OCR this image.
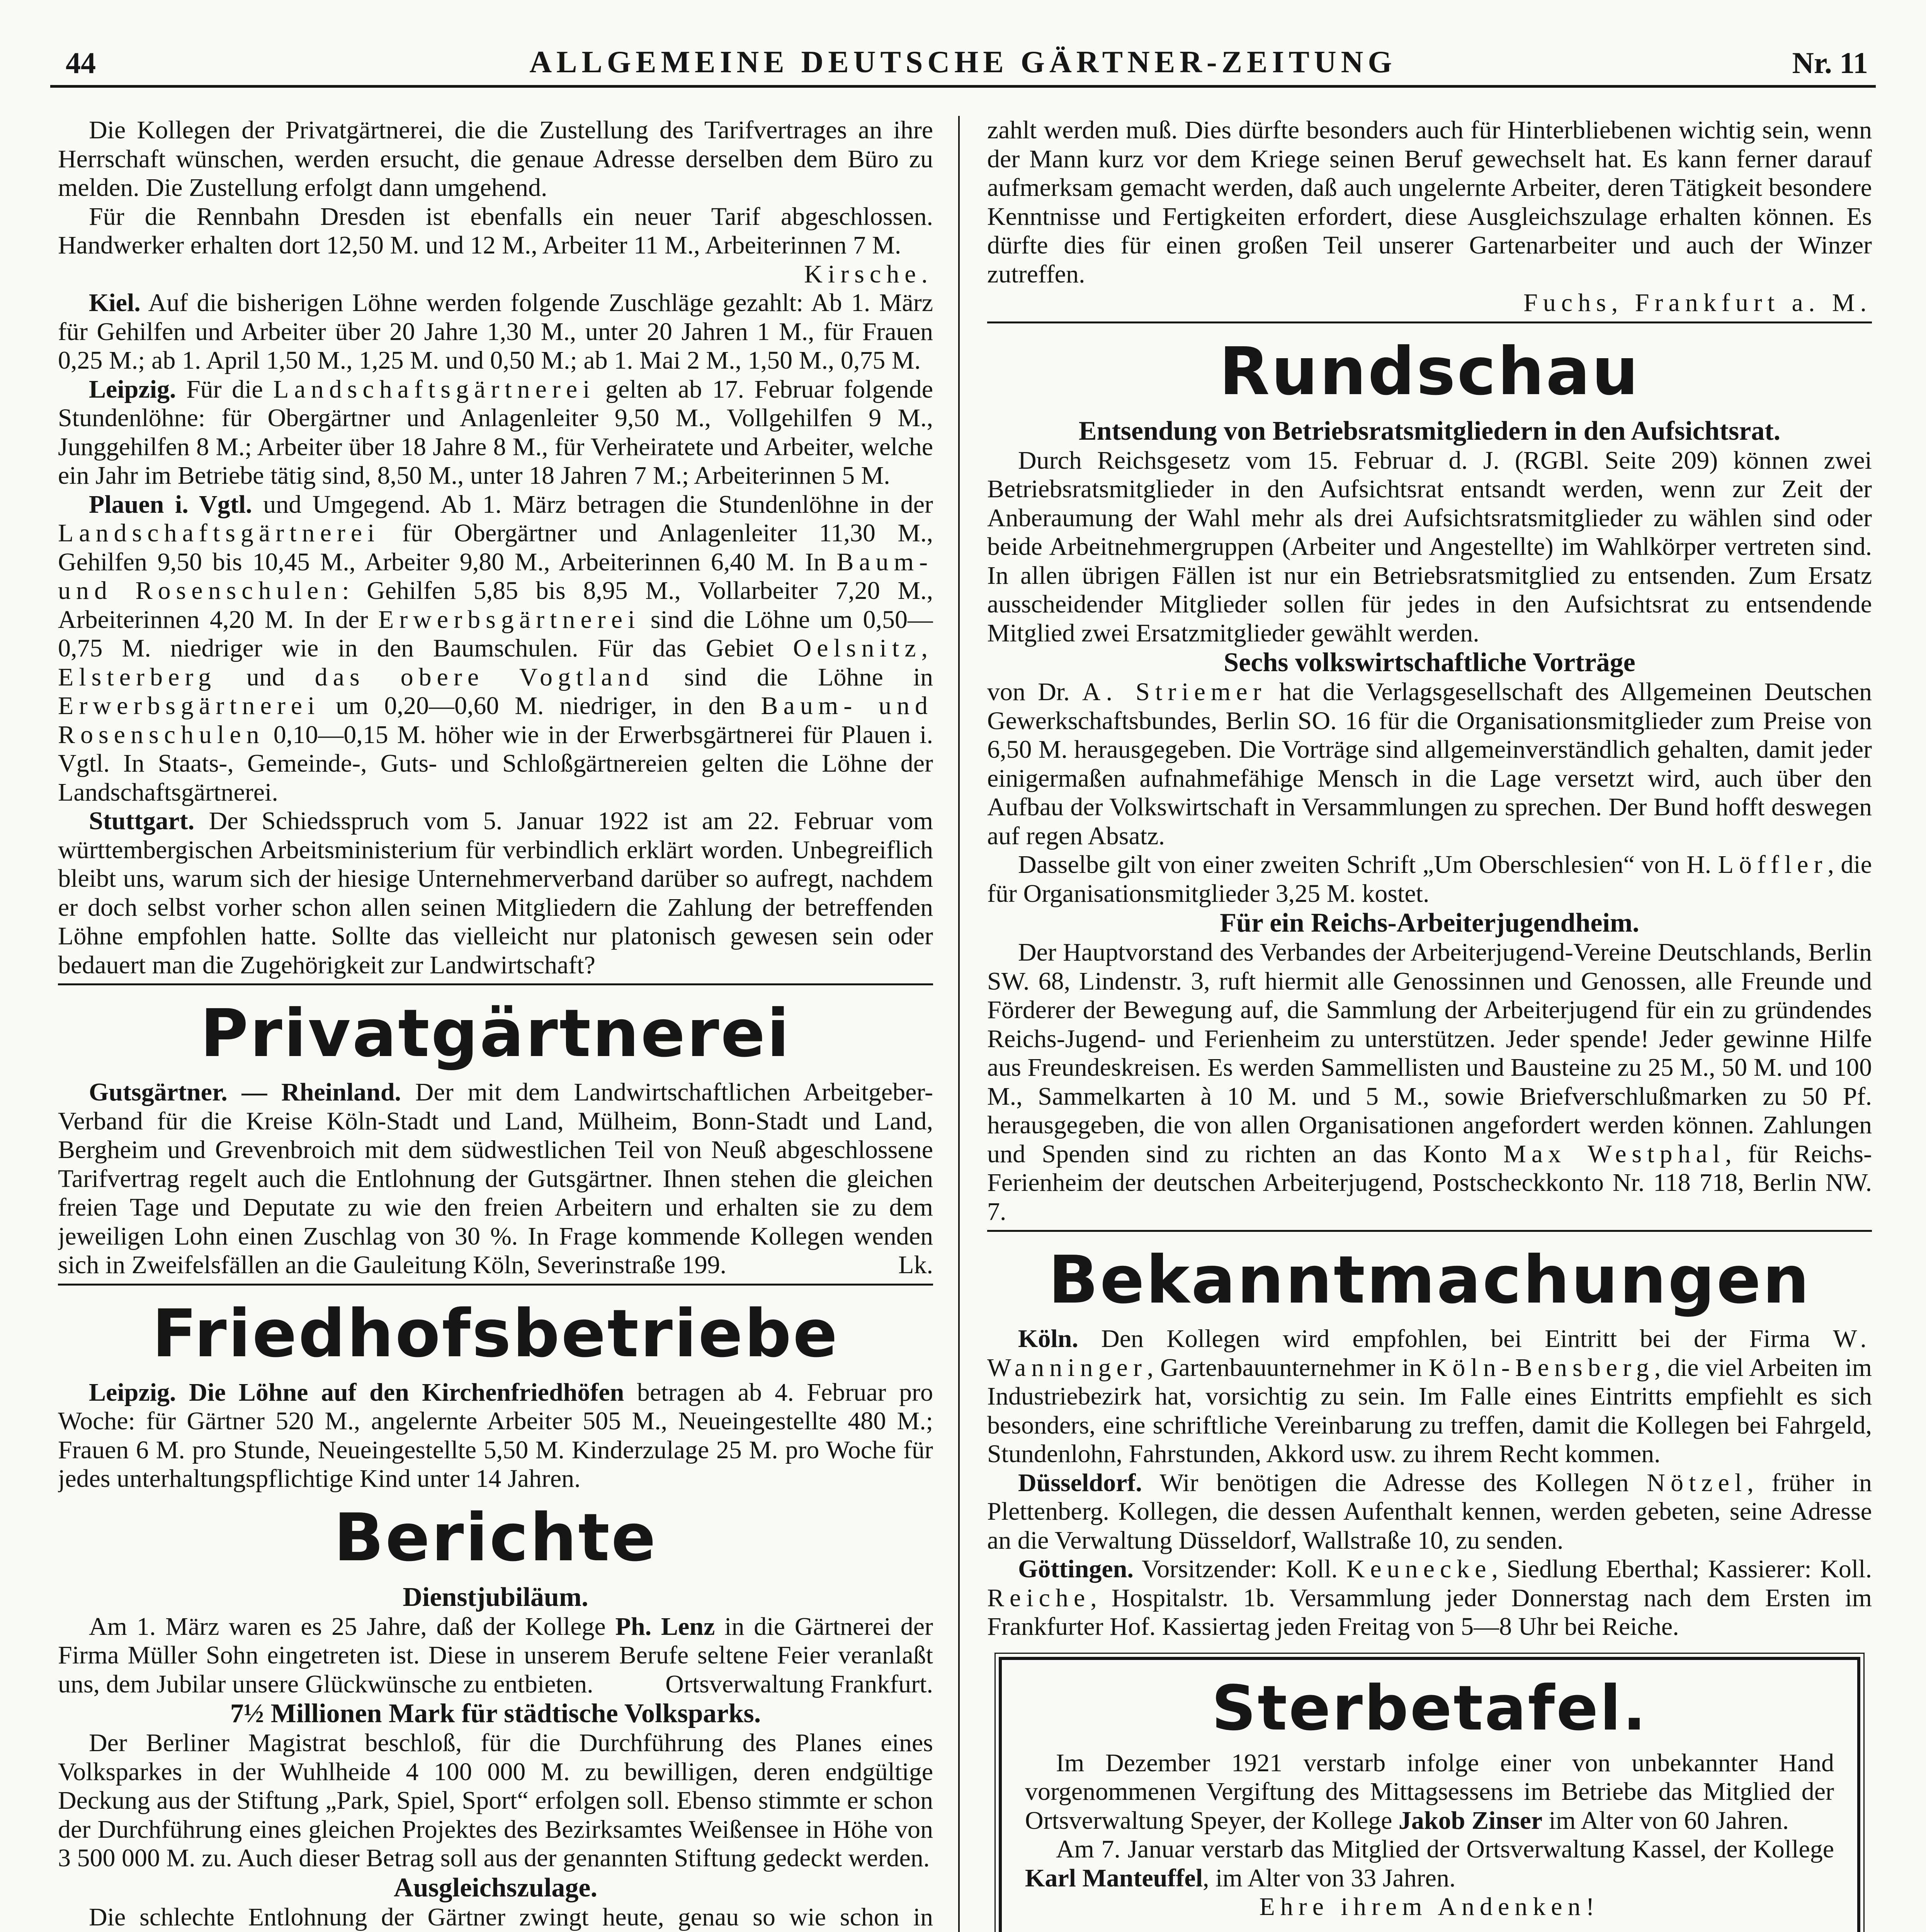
44	ALLGEMEINE DEUTSCHE GÄRTNER-ZEITUNG	Nr. 11

Die Kollegen der Privatgärtnerei, die die Zustellung des Tarifvertrages an ihre Herrschaft wünschen, werden ersucht, die genaue Adresse derselben dem Büro zu melden. Die Zustellung erfolgt dann umgehend.

Für die Rennbahn Dresden ist ebenfalls ein neuer Tarif abgeschlossen. Handwerker erhalten dort 12,50 M. und 12 M., Arbeiter 11 M., Arbeiterinnen 7 M.

Kirsche.

Kiel. Auf die bisherigen Löhne werden folgende Zuschläge gezahlt: Ab 1. März für Gehilfen und Arbeiter über 20 Jahre 1,30 M., unter 20 Jahren 1 M., für Frauen 0,25 M.; ab 1. April 1,50 M., 1,25 M. und 0,50 M.; ab 1. Mai 2 M., 1,50 M., 0,75 M.

Leipzig. Für die Landschaftsgärtnerei gelten ab 17. Februar folgende Stundenlöhne: für Obergärtner und Anlagenleiter 9,50 M., Vollgehilfen 9 M., Junggehilfen 8 M.; Arbeiter über 18 Jahre 8 M., für Verheiratete und Arbeiter, welche ein Jahr im Betriebe tätig sind, 8,50 M., unter 18 Jahren 7 M.; Arbeiterinnen 5 M.

Plauen i. Vgtl. und Umgegend. Ab 1. März betragen die Stundenlöhne in der Landschaftsgärtnerei für Obergärtner und Anlagenleiter 11,30 M., Gehilfen 9,50 bis 10,45 M., Arbeiter 9,80 M., Arbeiterinnen 6,40 M. In Baum- und Rosenschulen: Gehilfen 5,85 bis 8,95 M., Vollarbeiter 7,20 M., Arbeiterinnen 4,20 M. In der Erwerbsgärtnerei sind die Löhne um 0,50—0,75 M. niedriger wie in den Baumschulen. Für das Gebiet Oelsnitz, Elsterberg und das obere Vogtland sind die Löhne in Erwerbsgärtnerei um 0,20—0,60 M. niedriger, in den Baum- und Rosenschulen 0,10—0,15 M. höher wie in der Erwerbsgärtnerei für Plauen i. Vgtl. In Staats-, Gemeinde-, Guts- und Schloßgärtnereien gelten die Löhne der Landschaftsgärtnerei.

Stuttgart. Der Schiedsspruch vom 5. Januar 1922 ist am 22. Februar vom württembergischen Arbeitsministerium für verbindlich erklärt worden. Unbegreiflich bleibt uns, warum sich der hiesige Unternehmerverband darüber so aufregt, nachdem er doch selbst vorher schon allen seinen Mitgliedern die Zahlung der betreffenden Löhne empfohlen hatte. Sollte das vielleicht nur platonisch gewesen sein oder bedauert man die Zugehörigkeit zur Landwirtschaft?

Privatgärtnerei

Gutsgärtner. — Rheinland. Der mit dem Landwirtschaftlichen Arbeitgeber-Verband für die Kreise Köln-Stadt und Land, Mülheim, Bonn-Stadt und Land, Bergheim und Grevenbroich mit dem südwestlichen Teil von Neuß abgeschlossene Tarifvertrag regelt auch die Entlohnung der Gutsgärtner. Ihnen stehen die gleichen freien Tage und Deputate zu wie den freien Arbeitern und erhalten sie zu dem jeweiligen Lohn einen Zuschlag von 30 %. In Frage kommende Kollegen wenden sich in Zweifelsfällen an die Gauleitung Köln, Severinstraße 199.	Lk.

Friedhofsbetriebe

Leipzig. Die Löhne auf den Kirchenfriedhöfen betragen ab 4. Februar pro Woche: für Gärtner 520 M., angelernte Arbeiter 505 M., Neueingestellte 480 M.; Frauen 6 M. pro Stunde, Neueingestellte 5,50 M. Kinderzulage 25 M. pro Woche für jedes unterhaltungspflichtige Kind unter 14 Jahren.

Berichte
Dienstjubiläum.

Am 1. März waren es 25 Jahre, daß der Kollege Ph. Lenz in die Gärtnerei der Firma Müller Sohn eingetreten ist. Diese in unserem Berufe seltene Feier veranlaßt uns, dem Jubilar unsere Glückwünsche zu entbieten.	Ortsverwaltung Frankfurt.

7½ Millionen Mark für städtische Volksparks.

Der Berliner Magistrat beschloß, für die Durchführung des Planes eines Volksparkes in der Wuhlheide 4 100 000 M. zu bewilligen, deren endgültige Deckung aus der Stiftung „Park, Spiel, Sport“ erfolgen soll. Ebenso stimmte er schon der Durchführung eines gleichen Projektes des Bezirksamtes Weißensee in Höhe von 3 500 000 M. zu. Auch dieser Betrag soll aus der genannten Stiftung gedeckt werden.

Ausgleichszulage.

Die schlechte Entlohnung der Gärtner zwingt heute, genau so wie schon in

zahlt werden muß. Dies dürfte besonders auch für Hinterbliebenen wichtig sein, wenn der Mann kurz vor dem Kriege seinen Beruf gewechselt hat. Es kann ferner darauf aufmerksam gemacht werden, daß auch ungelernte Arbeiter, deren Tätigkeit besondere Kenntnisse und Fertigkeiten erfordert, diese Ausgleichszulage erhalten können. Es dürfte dies für einen großen Teil unserer Gartenarbeiter und auch der Winzer zutreffen.

Fuchs, Frankfurt a. M.

Rundschau
Entsendung von Betriebsratsmitgliedern in den Aufsichtsrat.

Durch Reichsgesetz vom 15. Februar d. J. (RGBl. Seite 209) können zwei Betriebsratsmitglieder in den Aufsichtsrat entsandt werden, wenn zur Zeit der Anberaumung der Wahl mehr als drei Aufsichtsratsmitglieder zu wählen sind oder beide Arbeitnehmergruppen (Arbeiter und Angestellte) im Wahlkörper vertreten sind. In allen übrigen Fällen ist nur ein Betriebsratsmitglied zu entsenden. Zum Ersatz ausscheidender Mitglieder sollen für jedes in den Aufsichtsrat zu entsendende Mitglied zwei Ersatzmitglieder gewählt werden.

Sechs volkswirtschaftliche Vorträge

von Dr. A. Striemer hat die Verlagsgesellschaft des Allgemeinen Deutschen Gewerkschaftsbundes, Berlin SO. 16 für die Organisationsmitglieder zum Preise von 6,50 M. herausgegeben. Die Vorträge sind allgemeinverständlich gehalten, damit jeder einigermaßen aufnahmefähige Mensch in die Lage versetzt wird, auch über den Aufbau der Volkswirtschaft in Versammlungen zu sprechen. Der Bund hofft deswegen auf regen Absatz.

Dasselbe gilt von einer zweiten Schrift „Um Oberschlesien“ von H. Löffler, die für Organisationsmitglieder 3,25 M. kostet.

Für ein Reichs-Arbeiterjugendheim.

Der Hauptvorstand des Verbandes der Arbeiterjugend-Vereine Deutschlands, Berlin SW. 68, Lindenstr. 3, ruft hiermit alle Genossinnen und Genossen, alle Freunde und Förderer der Bewegung auf, die Sammlung der Arbeiterjugend für ein zu gründendes Reichs-Jugend- und Ferienheim zu unterstützen. Jeder spende! Jeder gewinne Hilfe aus Freundeskreisen. Es werden Sammellisten und Bausteine zu 25 M., 50 M. und 100 M., Sammelkarten à 10 M. und 5 M., sowie Briefverschlußmarken zu 50 Pf. herausgegeben, die von allen Organisationen angefordert werden können. Zahlungen und Spenden sind zu richten an das Konto Max Westphal, für Reichs-Ferienheim der deutschen Arbeiterjugend, Postscheckkonto Nr. 118 718, Berlin NW. 7.

Bekanntmachungen

Köln. Den Kollegen wird empfohlen, bei Eintritt bei der Firma W. Wanninger, Gartenbauunternehmer in Köln-Bensberg, die viel Arbeiten im Industriebezirk hat, vorsichtig zu sein. Im Falle eines Eintritts empfiehlt es sich besonders, eine schriftliche Vereinbarung zu treffen, damit die Kollegen bei Fahrgeld, Stundenlohn, Fahrstunden, Akkord usw. zu ihrem Recht kommen.

Düsseldorf. Wir benötigen die Adresse des Kollegen Nötzel, früher in Plettenberg. Kollegen, die dessen Aufenthalt kennen, werden gebeten, seine Adresse an die Verwaltung Düsseldorf, Wallstraße 10, zu senden.

Göttingen. Vorsitzender: Koll. Keunecke, Siedlung Eberthal; Kassierer: Koll. Reiche, Hospitalstr. 1b. Versammlung jeder Donnerstag nach dem Ersten im Frankfurter Hof. Kassiertag jeden Freitag von 5—8 Uhr bei Reiche.

Sterbetafel.

Im Dezember 1921 verstarb infolge einer von unbekannter Hand vorgenommenen Vergiftung des Mittagsessens im Betriebe das Mitglied der Ortsverwaltung Speyer, der Kollege Jakob Zinser im Alter von 60 Jahren.

Am 7. Januar verstarb das Mitglied der Ortsverwaltung Kassel, der Kollege Karl Manteuffel, im Alter von 33 Jahren.

Ehre ihrem Andenken!
